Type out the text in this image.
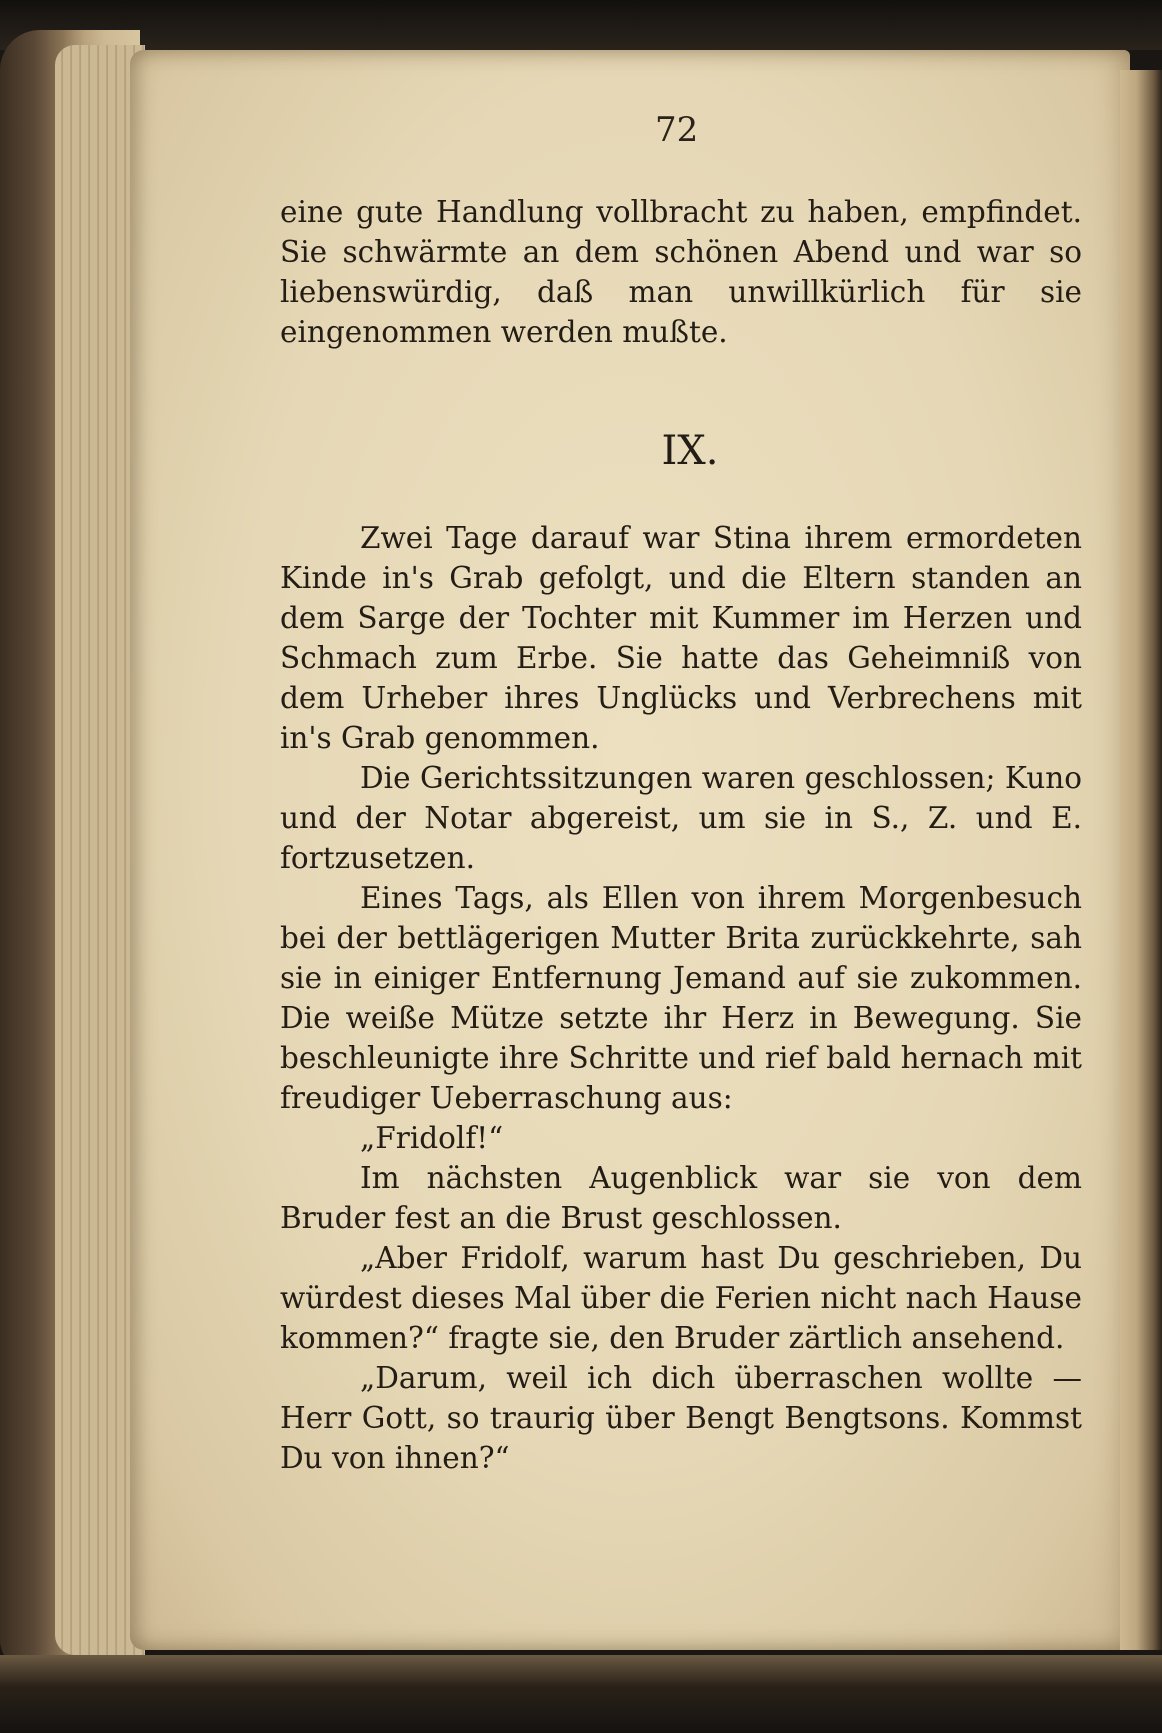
72

eine gute Handlung vollbracht zu haben, empfindet. Sie schwärmte an dem schönen Abend und war so liebenswürdig, daß man unwillkürlich für sie eingenommen werden mußte.

IX.

Zwei Tage darauf war Stina ihrem ermordeten Kinde in's Grab gefolgt, und die Eltern standen an dem Sarge der Tochter mit Kummer im Herzen und Schmach zum Erbe. Sie hatte das Geheimniß von dem Urheber ihres Unglücks und Verbrechens mit in's Grab genommen.

Die Gerichtssitzungen waren geschlossen; Kuno und der Notar abgereist, um sie in S., Z. und E. fortzusetzen.

Eines Tags, als Ellen von ihrem Morgenbesuch bei der bettlägerigen Mutter Brita zurückkehrte, sah sie in einiger Entfernung Jemand auf sie zukommen. Die weiße Mütze setzte ihr Herz in Bewegung. Sie beschleunigte ihre Schritte und rief bald hernach mit freudiger Ueberraschung aus:

„Fridolf!“

Im nächsten Augenblick war sie von dem Bruder fest an die Brust geschlossen.

„Aber Fridolf, warum hast Du geschrieben, Du würdest dieses Mal über die Ferien nicht nach Hause kommen?“ fragte sie, den Bruder zärtlich ansehend.

„Darum, weil ich dich überraschen wollte — Herr Gott, so traurig über Bengt Bengtsons. Kommst Du von ihnen?“
